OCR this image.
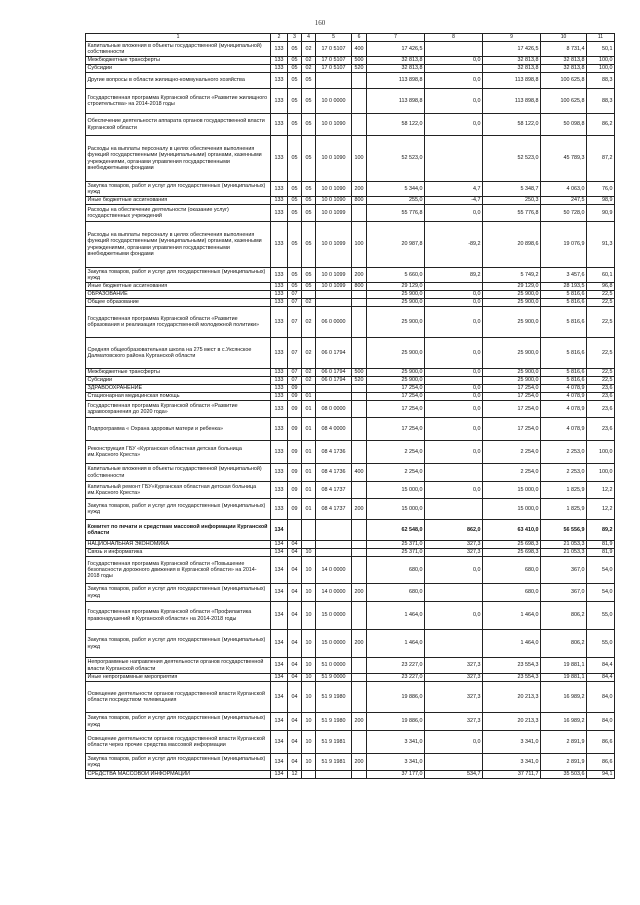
160
1	2	3	4	5	6	7	8	9	10	11
Капитальные вложения в объекты государственной (муниципальной) собственности	133	05	02	17 0 5107	400	17 426,5		17 426,5	8 731,4	50,1
Межбюджетные трансферты	133	05	02	17 0 5107	500	32 813,8	0,0	32 813,8	32 813,8	100,0
Субсидии	133	05	02	17 0 5107	520	32 813,8		32 813,8	32 813,8	100,0
Другие вопросы в области жилищно-коммунального хозяйства	133	05	05			113 898,8	0,0	113 898,8	100 625,8	88,3
Государственная программа Курганской области «Развитие жилищного строительства» на 2014-2018 годы	133	05	05	10 0 0000		113 898,8	0,0	113 898,8	100 625,8	88,3
Обеспечение деятельности аппарата органов государственной власти Курганской области	133	05	05	10 0 1090		58 122,0	0,0	58 122,0	50 098,8	86,2
Расходы на выплаты персоналу в целях обеспечения выполнения функций государственными (муниципальными) органами, казенными учреждениями, органами управления государственными внебюджетными фондами	133	05	05	10 0 1090	100	52 523,0		52 523,0	45 789,3	87,2
Закупка товаров, работ и услуг для государственных (муниципальных) нужд	133	05	05	10 0 1090	200	5 344,0	4,7	5 348,7	4 063,0	76,0
Иные бюджетные ассигнования	133	05	05	10 0 1090	800	255,0	-4,7	250,3	247,5	98,9
Расходы на обеспечение деятельности (оказание услуг) государственных учреждений	133	05	05	10 0 1099		55 776,8	0,0	55 776,8	50 728,0	90,9
Расходы на выплаты персоналу в целях обеспечения выполнения функций государственными (муниципальными) органами, казенными учреждениями, органами управления государственными внебюджетными фондами	133	05	05	10 0 1099	100	20 987,8	-89,2	20 898,6	19 076,9	91,3
Закупка товаров, работ и услуг для государственных (муниципальных) нужд	133	05	05	10 0 1099	200	5 660,0	89,2	5 749,2	3 457,6	60,1
Иные бюджетные ассигнования	133	05	05	10 0 1099	800	29 129,0		29 129,0	28 193,5	96,8
ОБРАЗОВАНИЕ	133	07				25 900,0	0,0	25 900,0	5 816,6	22,5
Общее образование	133	07	02			25 900,0	0,0	25 900,0	5 816,6	22,5
Государственная программа Курганской области «Развитие образования и реализация государственной молодежной политики»	133	07	02	06 0 0000		25 900,0	0,0	25 900,0	5 816,6	22,5
Средняя общеобразовательная школа на 275 мест в с.Уксянское Далматовского района Курганской области	133	07	02	06 0 1794		25 900,0	0,0	25 900,0	5 816,6	22,5
Межбюджетные трансферты	133	07	02	06 0 1794	500	25 900,0	0,0	25 900,0	5 816,6	22,5
Субсидии	133	07	02	06 0 1794	520	25 900,0		25 900,0	5 816,6	22,5
ЗДРАВООХРАНЕНИЕ	133	09				17 254,0	0,0	17 254,0	4 078,9	23,6
Стационарная медицинская помощь	133	09	01			17 254,0	0,0	17 254,0	4 078,9	23,6
Государственная программа Курганской области «Развитие здравоохранения до 2020 года»	133	09	01	08 0 0000		17 254,0	0,0	17 254,0	4 078,9	23,6
Подпрограмма « Охрана здоровья матери и ребенка»	133	09	01	08 4 0000		17 254,0	0,0	17 254,0	4 078,9	23,6
Реконструкция ГБУ «Курганская областная детская больница им.Красного Креста»	133	09	01	08 4 1736		2 254,0	0,0	2 254,0	2 253,0	100,0
Капитальные вложения в объекты государственной (муниципальной) собственности	133	09	01	08 4 1736	400	2 254,0		2 254,0	2 253,0	100,0
Капитальный ремонт ГБУ«Курганская областная детская больница им.Красного Креста»	133	09	01	08 4 1737		15 000,0	0,0	15 000,0	1 825,9	12,2
Закупка товаров, работ и услуг для государственных (муниципальных) нужд	133	09	01	08 4 1737	200	15 000,0		15 000,0	1 825,9	12,2
Комитет по печати и средствам массовой информации Курганской области	134					62 548,0	862,0	63 410,0	56 556,9	89,2
НАЦИОНАЛЬНАЯ ЭКОНОМИКА	134	04				25 371,0	327,3	25 698,3	21 053,3	81,9
Связь и информатика	134	04	10			25 371,0	327,3	25 698,3	21 053,3	81,9
Государственная программа Курганской области «Повышение безопасности дорожного движения в Курганской области» на 2014-2018 годы	134	04	10	14 0 0000		680,0	0,0	680,0	367,0	54,0
Закупка товаров, работ и услуг для государственных (муниципальных) нужд	134	04	10	14 0 0000	200	680,0		680,0	367,0	54,0
Государственная программа Курганской области «Профилактика правонарушений в Курганской области» на 2014-2018 годы	134	04	10	15 0 0000		1 464,0	0,0	1 464,0	806,2	55,0
Закупка товаров, работ и услуг для государственных (муниципальных) нужд	134	04	10	15 0 0000	200	1 464,0		1 464,0	806,2	55,0
Непрограммные направления деятельности органов государственной власти Курганской области	134	04	10	51 0 0000		23 227,0	327,3	23 554,3	19 881,1	84,4
Иные непрограммные мероприятия	134	04	10	51 9 0000		23 227,0	327,3	23 554,3	19 881,1	84,4
Освещение деятельности органов государственной власти Курганской области посредством телевещания	134	04	10	51 9 1980		19 886,0	327,3	20 213,3	16 989,2	84,0
Закупка товаров, работ и услуг для государственных (муниципальных) нужд	134	04	10	51 9 1980	200	19 886,0	327,3	20 213,3	16 989,2	84,0
Освещение деятельности органов государственной власти Курганской области через прочие средства массовой информации	134	04	10	51 9 1981		3 341,0	0,0	3 341,0	2 891,9	86,6
Закупка товаров, работ и услуг для государственных (муниципальных) нужд	134	04	10	51 9 1981	200	3 341,0		3 341,0	2 891,9	86,6
СРЕДСТВА МАССОВОЙ ИНФОРМАЦИИ	134	12				37 177,0	534,7	37 711,7	35 503,6	94,1
